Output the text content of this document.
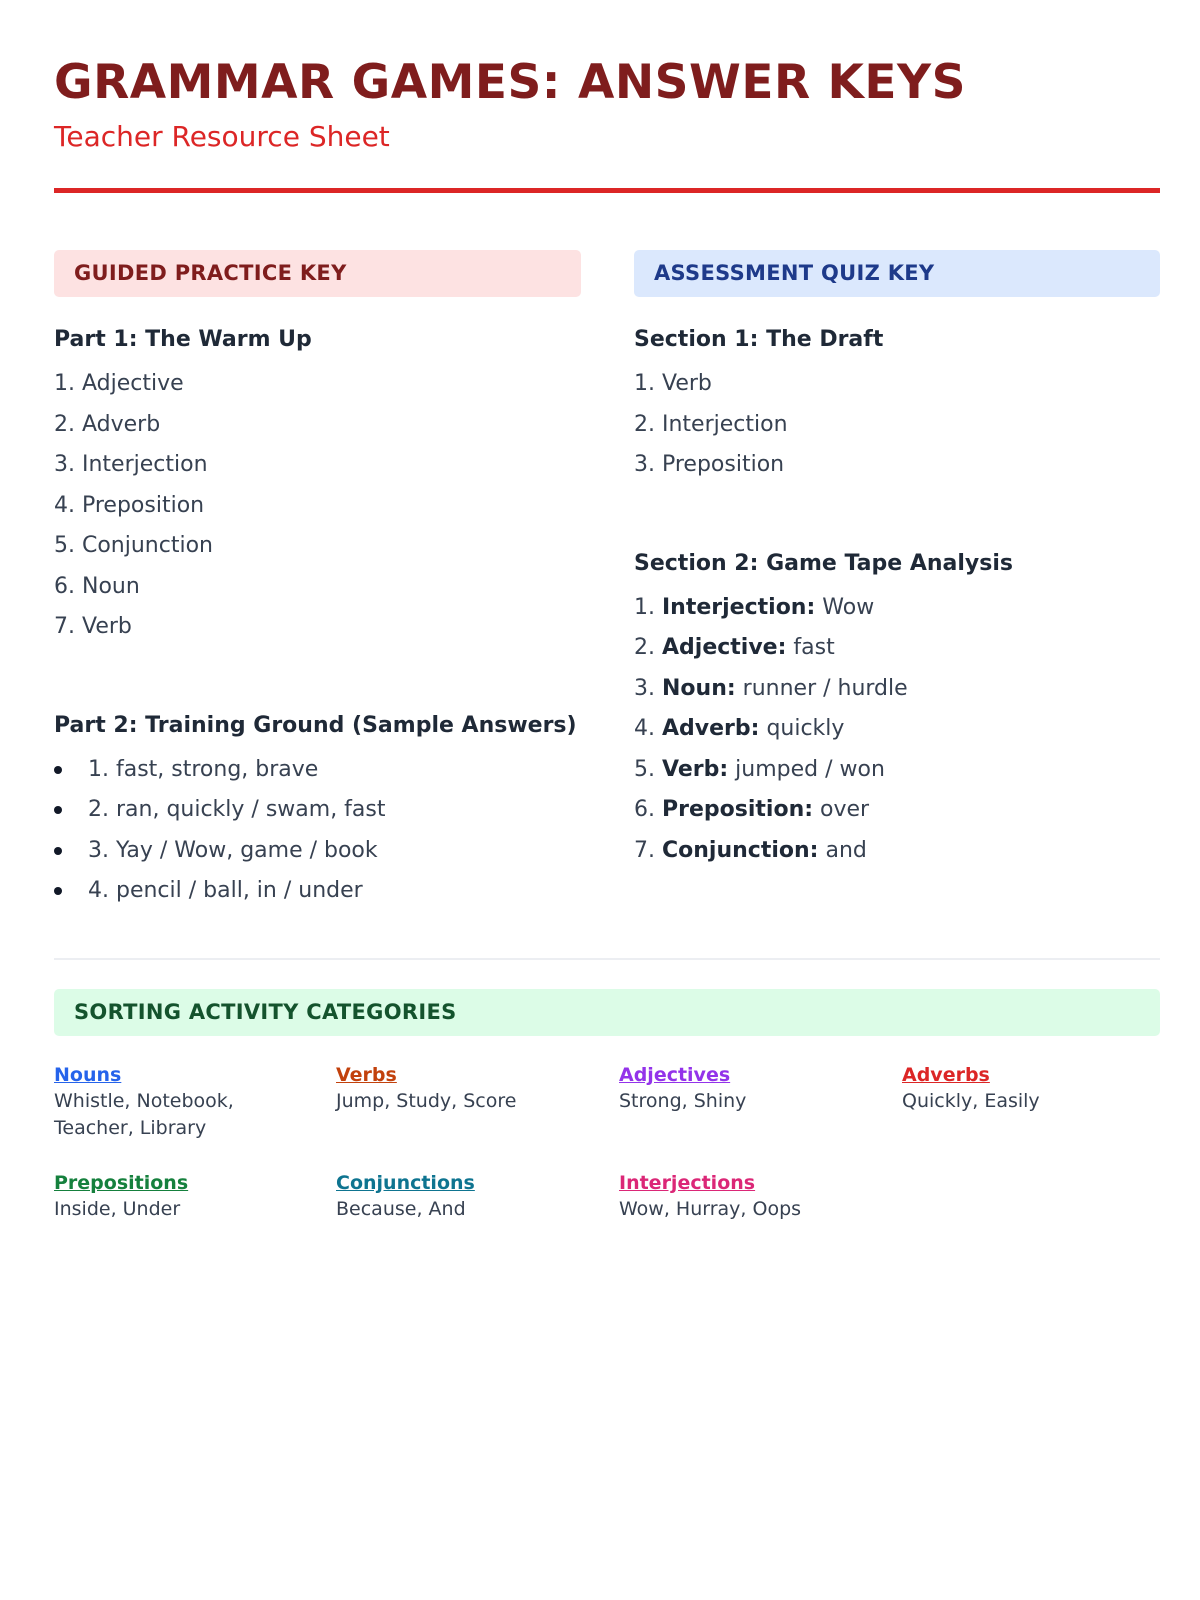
GRAMMAR GAMES: ANSWER KEYS
Teacher Resource Sheet
GUIDED PRACTICE KEY	ASSESSMENT QUIZ KEY
Part 1: The Warm Up
1. Adjective
2. Adverb
3. Interjection
4. Preposition
5. Conjunction
6. Noun
7. Verb
Part 2: Training Ground (Sample Answers)
1. fast, strong, brave
2. ran, quickly / swam, fast
3. Yay / Wow, game / book
4. pencil / ball, in / under
Section 1: The Draft
1. Verb
2. Interjection
3. Preposition
Section 2: Game Tape Analysis
1. Interjection: Wow
2. Adjective: fast
3. Noun: runner / hurdle
4. Adverb: quickly
5. Verb: jumped / won
6. Preposition: over
7. Conjunction: and
SORTING ACTIVITY CATEGORIES
Nouns
Whistle, Notebook, Teacher, Library
Verbs
Jump, Study, Score
Adjectives
Strong, Shiny
Adverbs
Quickly, Easily
Prepositions
Inside, Under
Conjunctions
Because, And
Interjections
Wow, Hurray, Oops
